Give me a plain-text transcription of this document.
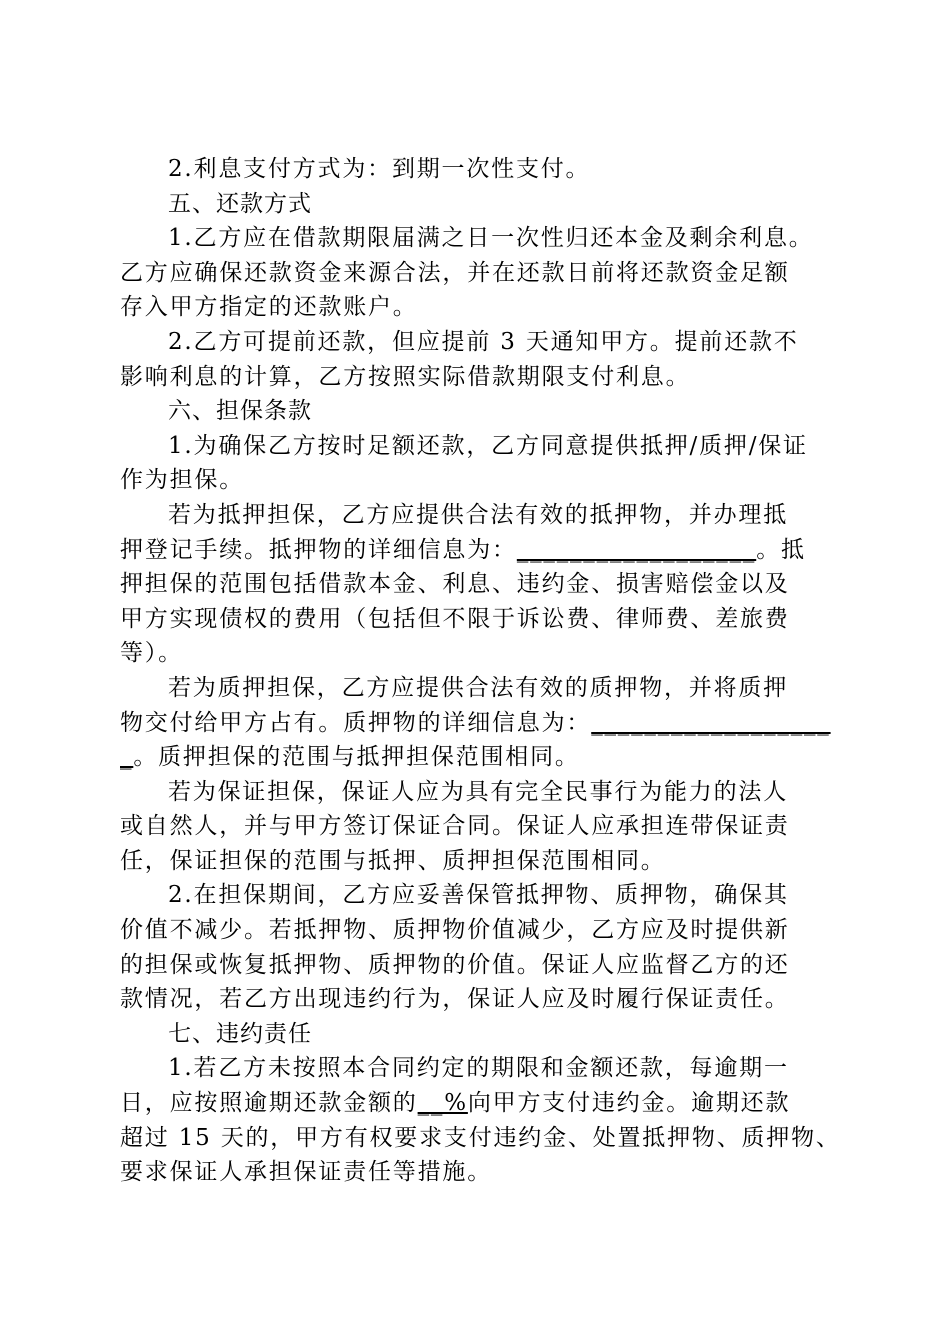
2.利息支付方式为：到期一次性支付。
五、还款方式
1.乙方应在借款期限届满之日一次性归还本金及剩余利息。
乙方应确保还款资金来源合法，并在还款日前将还款资金足额
存入甲方指定的还款账户。
2.乙方可提前还款，但应提前 3 天通知甲方。提前还款不
影响利息的计算，乙方按照实际借款期限支付利息。
六、担保条款
1.为确保乙方按时足额还款，乙方同意提供抵押/质押/保证
作为担保。
若为抵押担保，乙方应提供合法有效的抵押物，并办理抵
押登记手续。抵押物的详细信息为：__________________。抵
押担保的范围包括借款本金、利息、违约金、损害赔偿金以及
甲方实现债权的费用（包括但不限于诉讼费、律师费、差旅费
等）。
若为质押担保，乙方应提供合法有效的质押物，并将质押
物交付给甲方占有。质押物的详细信息为：__________________
_。质押担保的范围与抵押担保范围相同。
若为保证担保，保证人应为具有完全民事行为能力的法人
或自然人，并与甲方签订保证合同。保证人应承担连带保证责
任，保证担保的范围与抵押、质押担保范围相同。
2.在担保期间，乙方应妥善保管抵押物、质押物，确保其
价值不减少。若抵押物、质押物价值减少，乙方应及时提供新
的担保或恢复抵押物、质押物的价值。保证人应监督乙方的还
款情况，若乙方出现违约行为，保证人应及时履行保证责任。
七、违约责任
1.若乙方未按照本合同约定的期限和金额还款，每逾期一
日，应按照逾期还款金额的__%向甲方支付违约金。逾期还款
超过 15 天的，甲方有权要求支付违约金、处置抵押物、质押物、
要求保证人承担保证责任等措施。
